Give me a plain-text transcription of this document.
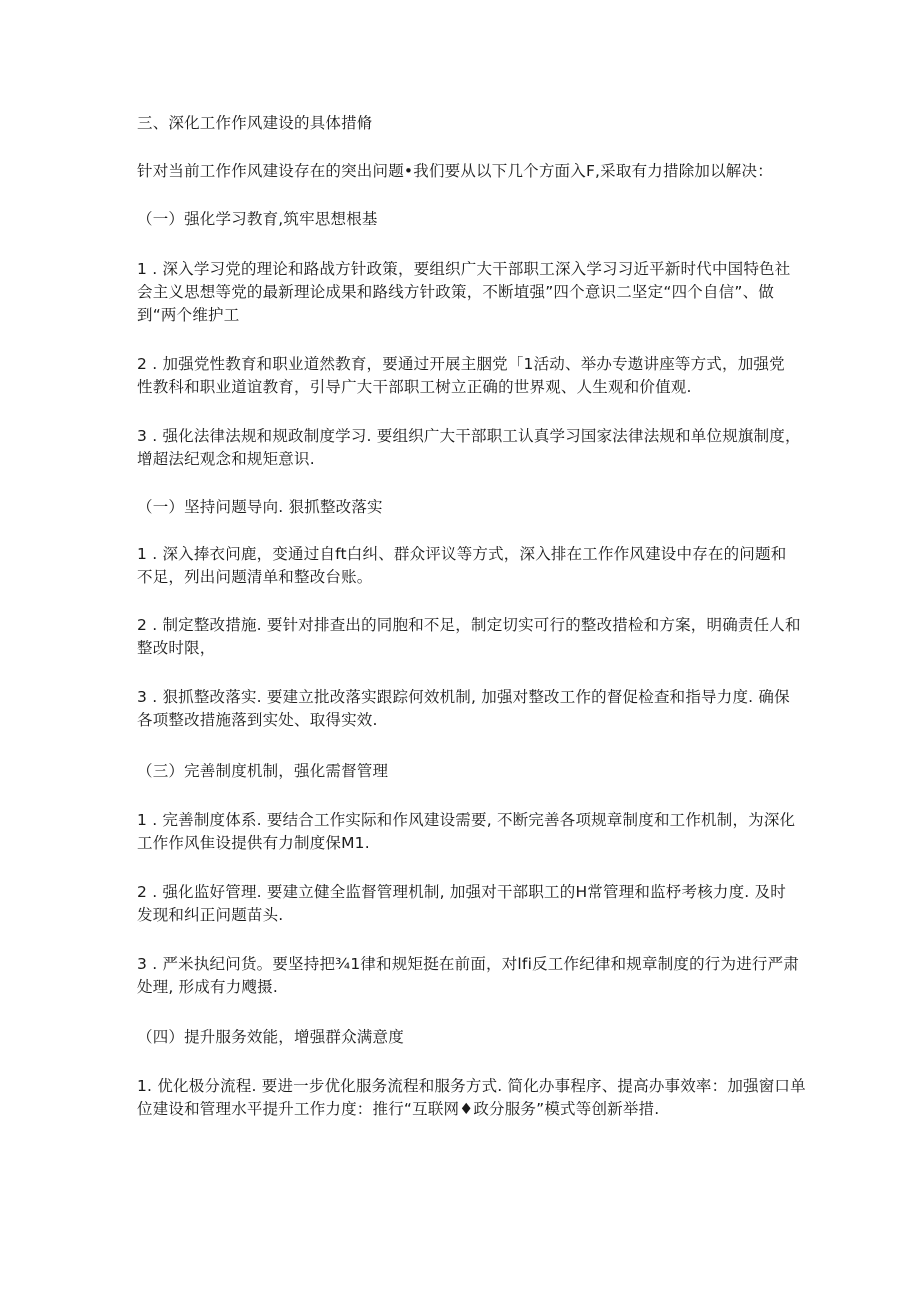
三、深化工作作风建设的具体措脩

针对当前工作作风建设存在的突出问题•我们要从以下几个方面入F,采取有力措除加以解决：

（一）强化学习教育,筑牢思想根基

1 . 深入学习党的理论和路战方针政策，要组织广大干部职工深入学习习近平新时代中国特色社

会主义思想等党的最新理论成果和路线方针政策，不断埴强”四个意识二坚定“四个自信”、做

到“两个维护工

2 . 加强党性教育和职业道然教育，要通过开展主胭党「1活动、举办专遨讲座等方式，加强党

性教科和职业道谊教育，引导广大干部职工树立正确的世界观、人生观和价值观.

3 . 强化法律法规和规政制度学习. 要组织广大干部职工认真学习国家法律法规和单位规旗制度，

增超法纪观念和规矩意识.

（一）坚持问题导向. 狠抓整改落实

1 . 深入捧衣问鹿，变通过自ft白纠、群众评议等方式，深入排在工作作风建设中存在的问题和

不足，列出问题清单和整改台账。

2 . 制定整改措施. 要针对排查出的同胞和不足，制定切实可行的整改措检和方案，明确责任人和

整改时限，

3 . 狠抓整改落实. 要建立批改落实跟踪何效机制, 加强对整改工作的督促检查和指导力度. 确保

各项整改措施落到实处、取得实效.

（三）完善制度机制，强化需督管理

1 . 完善制度体系. 要结合工作实际和作风建设需要, 不断完善各项规章制度和工作机制，为深化

工作作风隹设提供有力制度保M1.

2 . 强化监好管理. 要建立健全监督管理机制, 加强对干部职工的H常管理和监杼考核力度. 及时

发现和纠正问题苗头.

3 . 严米执纪问货。要坚持把¾1律和规矩挺在前面，对lfi反工作纪律和规章制度的行为进行严肃

处理, 形成有力飕摄.

（四）提升服务效能，增强群众满意度

1. 优化极分流程. 要进一步优化服务流程和服务方式. 简化办事程序、提高办事效率：加强窗口单

位建设和管理水平提升工作力度：推行“互联网♦政分服务”模式等创新举措.
